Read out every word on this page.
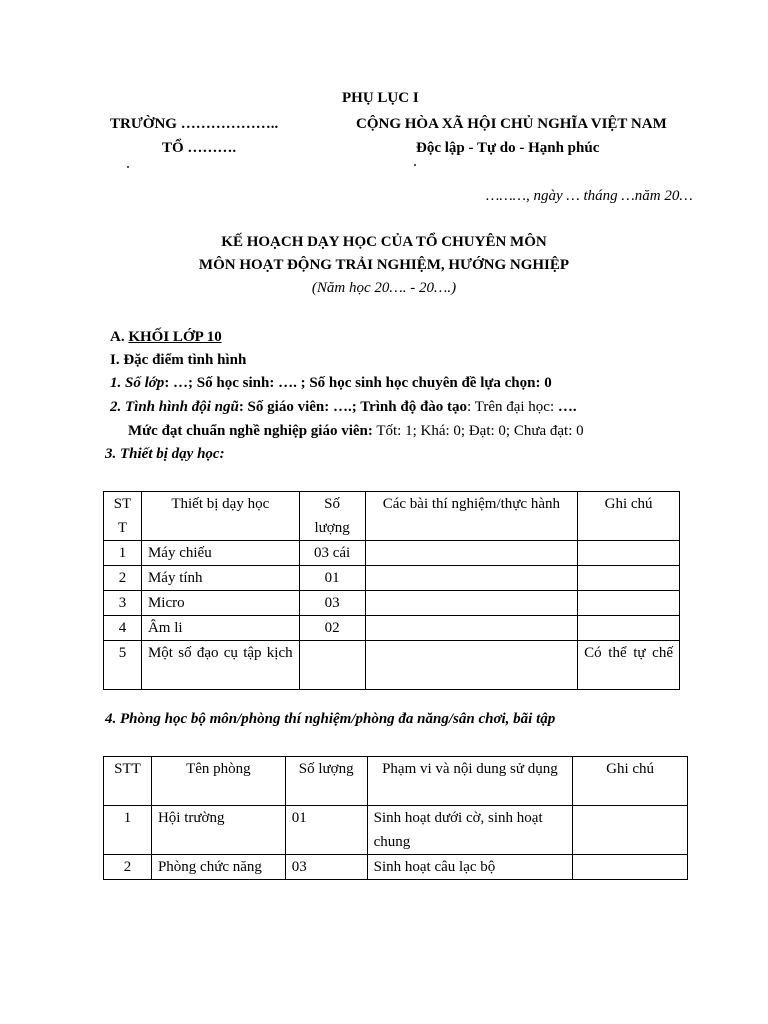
PHỤ LỤC I
TRƯỜNG ………………..	CỘNG HÒA XÃ HỘI CHỦ NGHĨA VIỆT NAM
TỔ ……….	Độc lập - Tự do - Hạnh phúc
………, ngày … tháng …năm 20…
KẾ HOẠCH DẠY HỌC CỦA TỔ CHUYÊN MÔN
MÔN HOẠT ĐỘNG TRẢI NGHIỆM, HƯỚNG NGHIỆP
(Năm học 20…. - 20….)
A. KHỐI LỚP 10
I. Đặc điểm tình hình
1. Số lớp: …; Số học sinh: …. ; Số học sinh học chuyên đề lựa chọn: 0
2. Tình hình đội ngũ: Số giáo viên: ….; Trình độ đào tạo: Trên đại học: ….
Mức đạt chuẩn nghề nghiệp giáo viên: Tốt: 1; Khá: 0; Đạt: 0; Chưa đạt: 0
3. Thiết bị dạy học:
ST T	Thiết bị dạy học	Số lượng	Các bài thí nghiệm/thực hành	Ghi chú
1	Máy chiếu	03 cái		
2	Máy tính	01		
3	Micro	03		
4	Âm li	02		
5	Một số đạo cụ tập kịch			Có thể tự chế
4. Phòng học bộ môn/phòng thí nghiệm/phòng đa năng/sân chơi, bãi tập
STT	Tên phòng	Số lượng	Phạm vi và nội dung sử dụng	Ghi chú
1	Hội trường	01	Sinh hoạt dưới cờ, sinh hoạt chung	
2	Phòng chức năng	03	Sinh hoạt câu lạc bộ	
